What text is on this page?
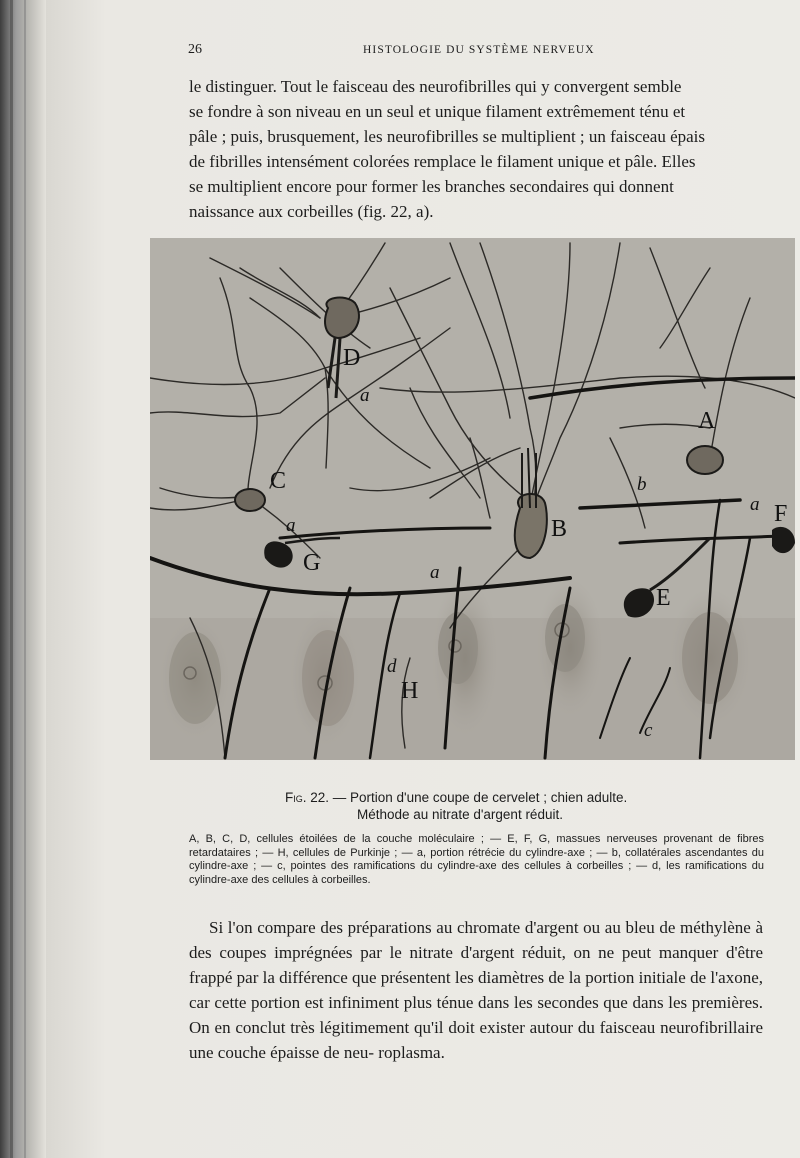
26	HISTOLOGIE DU SYSTÈME NERVEUX

le distinguer. Tout le faisceau des neurofibrilles qui y convergent semble

se fondre à son niveau en un seul et unique filament extrêmement ténu et

pâle ; puis, brusquement, les neurofibrilles se multiplient ; un faisceau épais

de fibrilles intensément colorées remplace le filament unique et pâle. Elles

se multiplient encore pour former les branches secondaires qui donnent

naissance aux corbeilles (fig. 22, a).

D
a
A
b
a F
C
a	B
G	a
E
d
H
c
Fig. 22. — Portion d'une coupe de cervelet ; chien adulte.
Méthode au nitrate d'argent réduit.
A, B, C, D, cellules étoilées de la couche moléculaire ; — E, F, G, massues nerveuses provenant de fibres retardataires ; — H, cellules de Purkinje ; — a, portion rétrécie du cylindre-axe ; — b, collatérales ascendantes du cylindre-axe ; — c, pointes des ramifications du cylindre-axe des cellules à corbeilles ; — d, les ramifications du cylindre-axe des cellules à corbeilles.
Si l'on compare des préparations au chromate d'argent ou au bleu de méthylène à des coupes imprégnées par le nitrate d'argent réduit, on ne peut manquer d'être frappé par la différence que présentent les diamètres de la portion initiale de l'axone, car cette portion est infiniment plus ténue dans les secondes que dans les premières. On en conclut très légitimement qu'il doit exister autour du faisceau neurofibrillaire une couche épaisse de neu- roplasma.
